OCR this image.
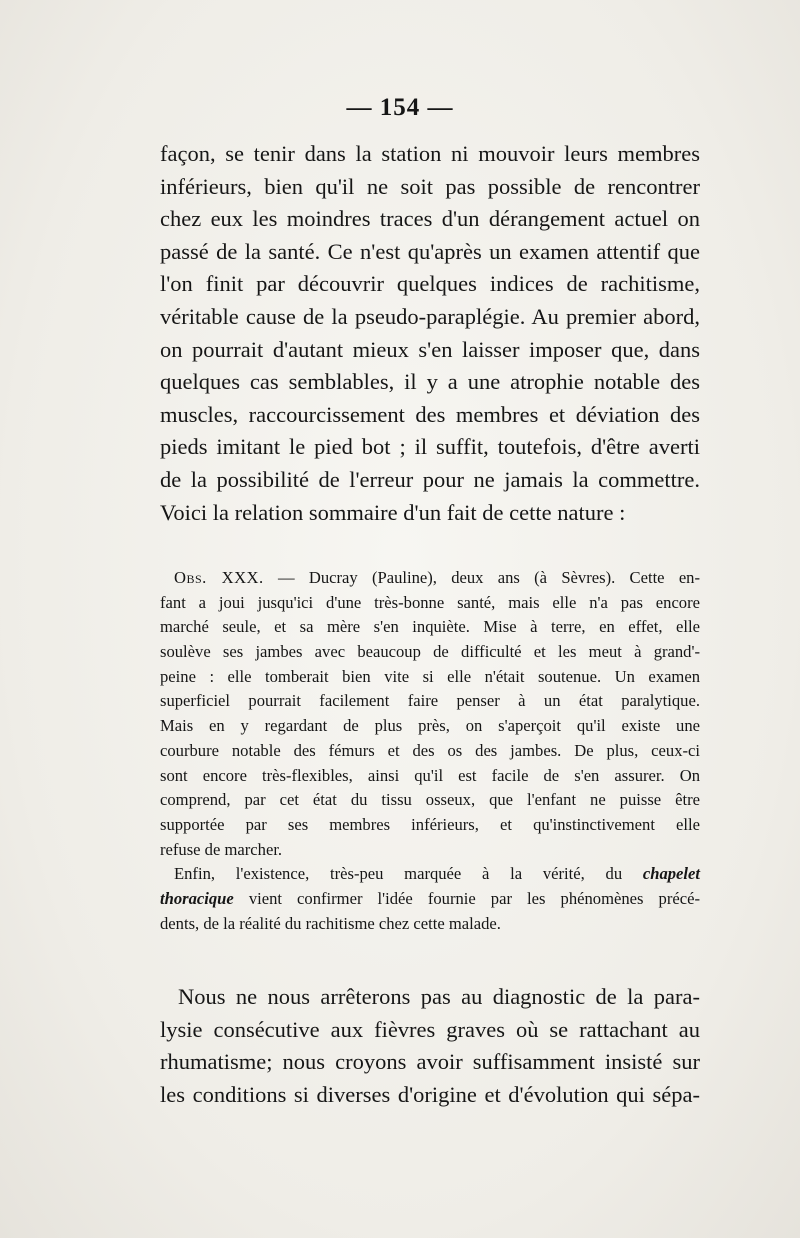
— 154 —
façon, se tenir dans la station ni mouvoir leurs membres
inférieurs, bien qu'il ne soit pas possible de rencontrer
chez eux les moindres traces d'un dérangement actuel on
passé de la santé. Ce n'est qu'après un examen attentif que
l'on finit par découvrir quelques indices de rachitisme,
véritable cause de la pseudo-paraplégie. Au premier abord,
on pourrait d'autant mieux s'en laisser imposer que, dans
quelques cas semblables, il y a une atrophie notable des
muscles, raccourcissement des membres et déviation des
pieds imitant le pied bot ; il suffit, toutefois, d'être averti
de la possibilité de l'erreur pour ne jamais la commettre.
Voici la relation sommaire d'un fait de cette nature :
Obs. XXX. — Ducray (Pauline), deux ans (à Sèvres). Cette en-
fant a joui jusqu'ici d'une très-bonne santé, mais elle n'a pas encore
marché seule, et sa mère s'en inquiète. Mise à terre, en effet, elle
soulève ses jambes avec beaucoup de difficulté et les meut à grand'-
peine : elle tomberait bien vite si elle n'était soutenue. Un examen
superficiel pourrait facilement faire penser à un état paralytique.
Mais en y regardant de plus près, on s'aperçoit qu'il existe une
courbure notable des fémurs et des os des jambes. De plus, ceux-ci
sont encore très-flexibles, ainsi qu'il est facile de s'en assurer. On
comprend, par cet état du tissu osseux, que l'enfant ne puisse être
supportée par ses membres inférieurs, et qu'instinctivement elle
refuse de marcher.
Enfin, l'existence, très-peu marquée à la vérité, du chapelet
thoracique vient confirmer l'idée fournie par les phénomènes précé-
dents, de la réalité du rachitisme chez cette malade.
Nous ne nous arrêterons pas au diagnostic de la para-
lysie consécutive aux fièvres graves où se rattachant au
rhumatisme; nous croyons avoir suffisamment insisté sur
les conditions si diverses d'origine et d'évolution qui sépa-
